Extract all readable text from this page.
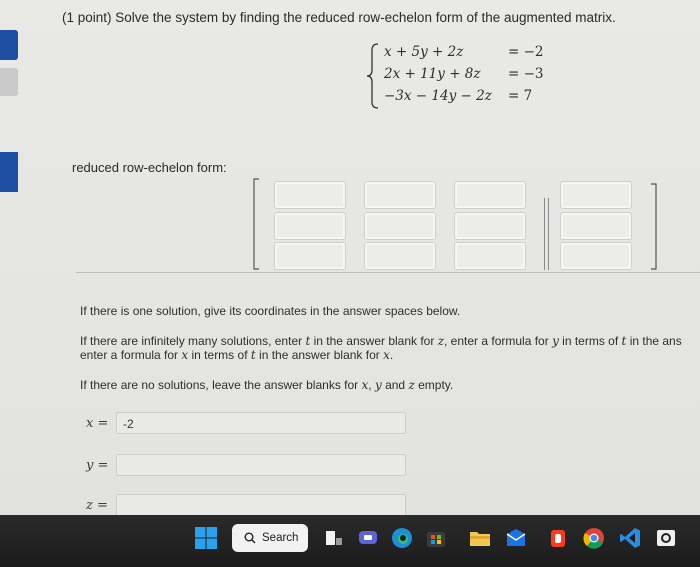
(1 point) Solve the system by finding the reduced row-echelon form of the augmented matrix.
x + 5y + 2z	= −2
2x + 11y + 8z = −3
−3x − 14y − 2z = 7
reduced row-echelon form:
If there is one solution, give its coordinates in the answer spaces below.
If there are infinitely many solutions, enter t in the answer blank for z, enter a formula for y in terms of t in the ans
enter a formula for x in terms of t in the answer blank for x.
If there are no solutions, leave the answer blanks for x, y and z empty.
x =	-2
y =
z =
Search
